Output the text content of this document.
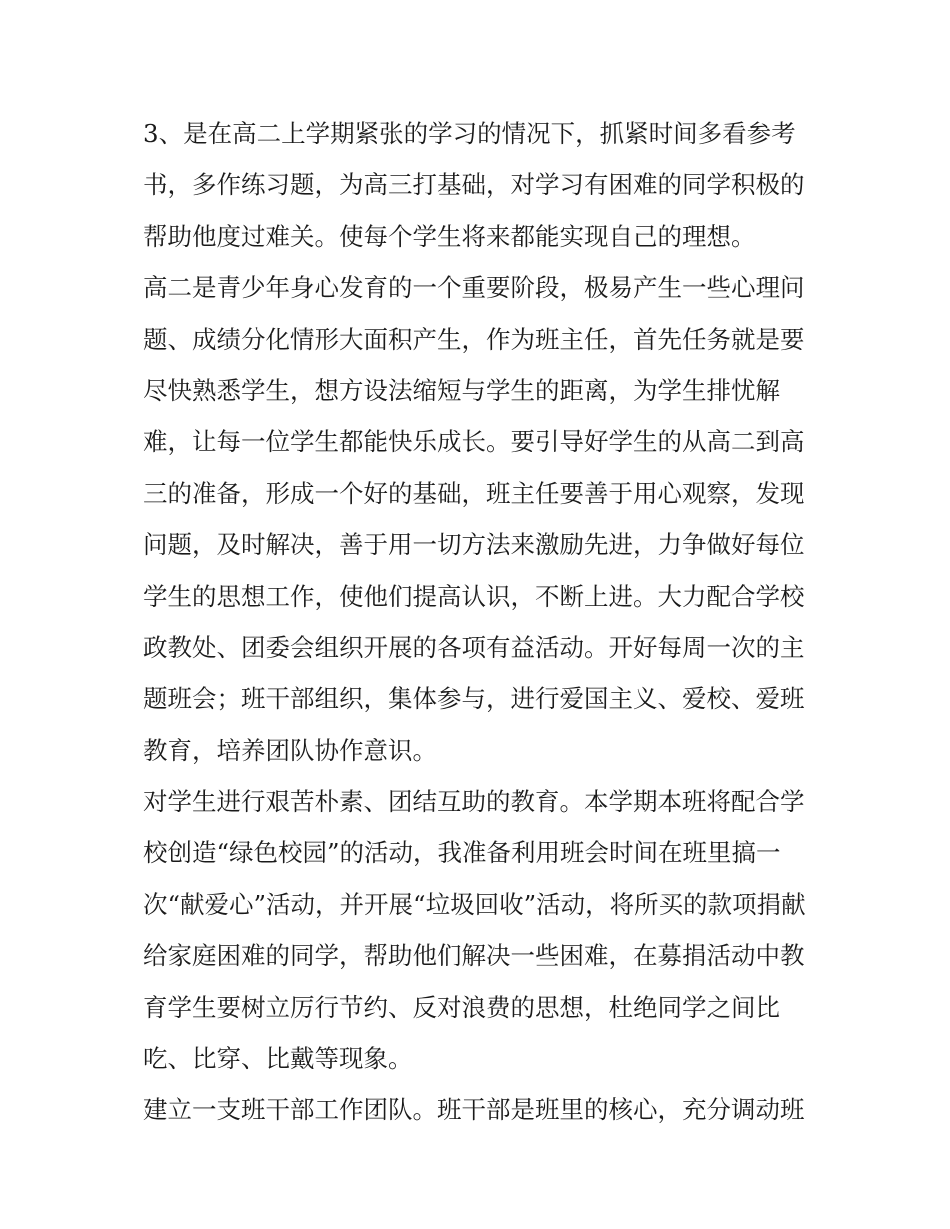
3、是在高二上学期紧张的学习的情况下，抓紧时间多看参考
书，多作练习题，为高三打基础，对学习有困难的同学积极的
帮助他度过难关。使每个学生将来都能实现自己的理想。
高二是青少年身心发育的一个重要阶段，极易产生一些心理问
题、成绩分化情形大面积产生，作为班主任，首先任务就是要
尽快熟悉学生，想方设法缩短与学生的距离，为学生排忧解
难，让每一位学生都能快乐成长。要引导好学生的从高二到高
三的准备，形成一个好的基础，班主任要善于用心观察，发现
问题，及时解决，善于用一切方法来激励先进，力争做好每位
学生的思想工作，使他们提高认识，不断上进。大力配合学校
政教处、团委会组织开展的各项有益活动。开好每周一次的主
题班会；班干部组织，集体参与，进行爱国主义、爱校、爱班
教育，培养团队协作意识。
对学生进行艰苦朴素、团结互助的教育。本学期本班将配合学
校创造“绿色校园”的活动，我准备利用班会时间在班里搞一
次“献爱心”活动，并开展“垃圾回收”活动，将所买的款项捐献
给家庭困难的同学，帮助他们解决一些困难，在募捐活动中教
育学生要树立厉行节约、反对浪费的思想，杜绝同学之间比
吃、比穿、比戴等现象。
建立一支班干部工作团队。班干部是班里的核心，充分调动班
